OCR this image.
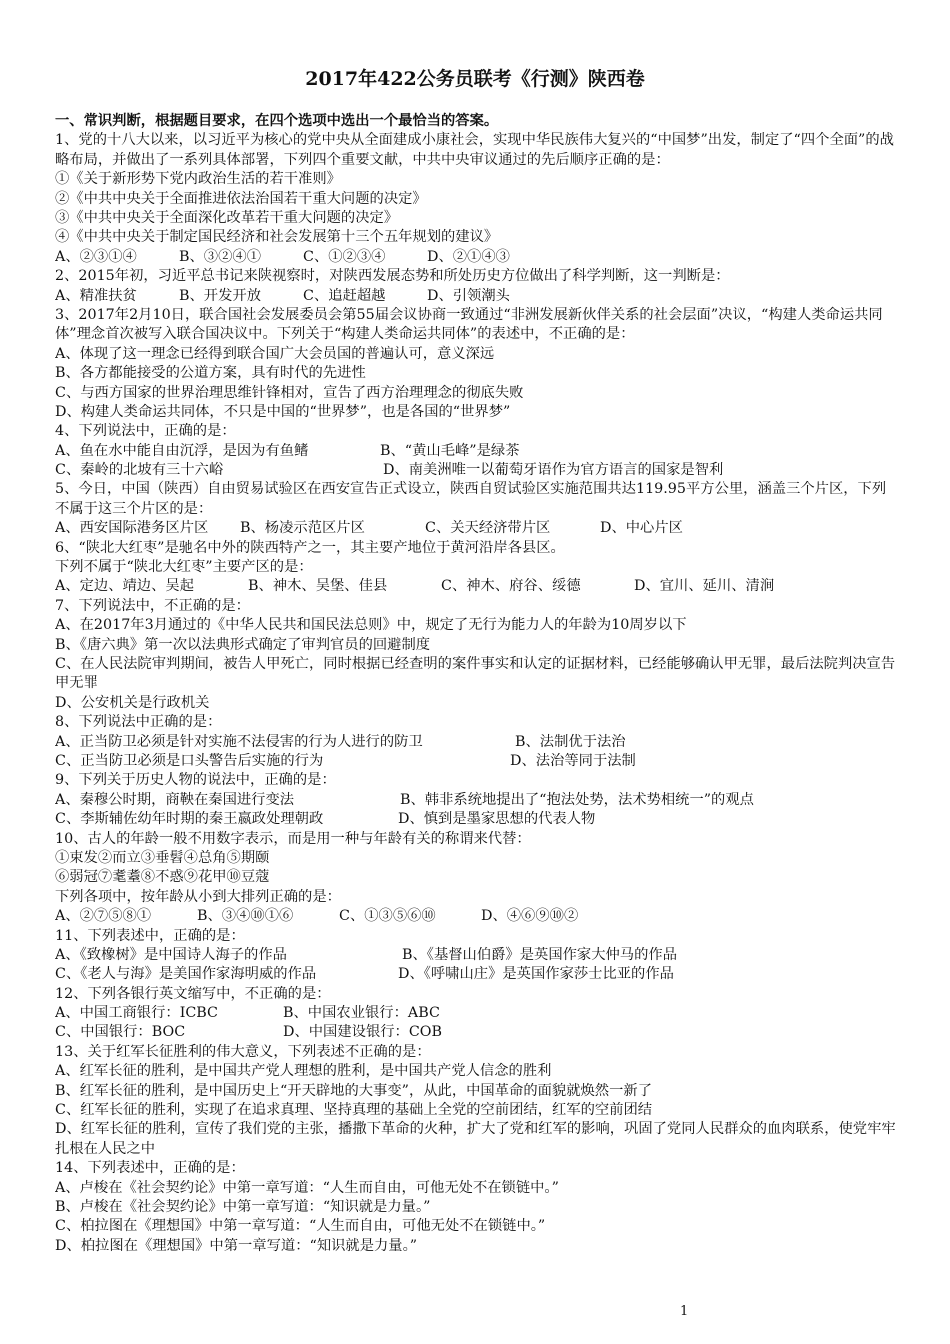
2017年422公务员联考《行测》陕西卷
一、常识判断，根据题目要求，在四个选项中选出一个最恰当的答案。
1、党的十八大以来，以习近平为核心的党中央从全面建成小康社会，实现中华民族伟大复兴的“中国梦”出发，制定了“四个全面”的战略布局，并做出了一系列具体部署，下列四个重要文献，中共中央审议通过的先后顺序正确的是：
①《关于新形势下党内政治生活的若干准则》
②《中共中央关于全面推进依法治国若干重大问题的决定》
③《中共中央关于全面深化改革若干重大问题的决定》
④《中共中央关于制定国民经济和社会发展第十三个五年规划的建议》
A、②③①④	B、③②④①	C、①②③④	D、②①④③
2、2015年初，习近平总书记来陕视察时，对陕西发展态势和所处历史方位做出了科学判断，这一判断是：
A、精准扶贫	B、开发开放	C、追赶超越	D、引领潮头
3、2017年2月10日，联合国社会发展委员会第55届会议协商一致通过“非洲发展新伙伴关系的社会层面”决议，“构建人类命运共同体”理念首次被写入联合国决议中。下列关于“构建人类命运共同体”的表述中，不正确的是：
A、体现了这一理念已经得到联合国广大会员国的普遍认可，意义深远
B、各方都能接受的公道方案，具有时代的先进性
C、与西方国家的世界治理思维针锋相对，宣告了西方治理理念的彻底失败
D、构建人类命运共同体，不只是中国的“世界梦”，也是各国的“世界梦”
4、下列说法中，正确的是：
A、鱼在水中能自由沉浮，是因为有鱼鳍	B、“黄山毛峰”是绿茶
C、秦岭的北坡有三十六峪	D、南美洲唯一以葡萄牙语作为官方语言的国家是智利
5、今日，中国（陕西）自由贸易试验区在西安宣告正式设立，陕西自贸试验区实施范围共达119.95平方公里，涵盖三个片区，下列不属于这三个片区的是：
A、西安国际港务区片区 B、杨凌示范区片区	C、关天经济带片区	D、中心片区
6、“陕北大红枣”是驰名中外的陕西特产之一，其主要产地位于黄河沿岸各县区。
下列不属于“陕北大红枣”主要产区的是：
A、定边、靖边、吴起	B、神木、吴堡、佳县	C、神木、府谷、绥德	D、宜川、延川、清涧
7、下列说法中，不正确的是：
A、在2017年3月通过的《中华人民共和国民法总则》中，规定了无行为能力人的年龄为10周岁以下
B、《唐六典》第一次以法典形式确定了审判官员的回避制度
C、在人民法院审判期间，被告人甲死亡，同时根据已经查明的案件事实和认定的证据材料，已经能够确认甲无罪，最后法院判决宣告甲无罪
D、公安机关是行政机关
8、下列说法中正确的是：
A、正当防卫必须是针对实施不法侵害的行为人进行的防卫	B、法制优于法治
C、正当防卫必须是口头警告后实施的行为	D、法治等同于法制
9、下列关于历史人物的说法中，正确的是：
A、秦穆公时期，商鞅在秦国进行变法	B、韩非系统地提出了“抱法处势，法术势相统一”的观点
C、李斯辅佐幼年时期的秦王嬴政处理朝政	D、慎到是墨家思想的代表人物
10、古人的年龄一般不用数字表示，而是用一种与年龄有关的称谓来代替：
①束发②而立③垂髫④总角⑤期颐
⑥弱冠⑦耄耋⑧不惑⑨花甲⑩豆蔻
下列各项中，按年龄从小到大排列正确的是：
A、②⑦⑤⑧①	B、③④⑩①⑥	C、①③⑤⑥⑩	D、④⑥⑨⑩②
11、下列表述中，正确的是：
A、《致橡树》是中国诗人海子的作品	B、《基督山伯爵》是英国作家大仲马的作品
C、《老人与海》是美国作家海明威的作品	D、《呼啸山庄》是英国作家莎士比亚的作品
12、下列各银行英文缩写中，不正确的是：
A、中国工商银行：ICBC	B、中国农业银行：ABC
C、中国银行：BOC	D、中国建设银行：COB
13、关于红军长征胜利的伟大意义，下列表述不正确的是：
A、红军长征的胜利，是中国共产党人理想的胜利，是中国共产党人信念的胜利
B、红军长征的胜利，是中国历史上“开天辟地的大事变”，从此，中国革命的面貌就焕然一新了
C、红军长征的胜利，实现了在追求真理、坚持真理的基础上全党的空前团结，红军的空前团结
D、红军长征的胜利，宣传了我们党的主张，播撒下革命的火种，扩大了党和红军的影响，巩固了党同人民群众的血肉联系，使党牢牢扎根在人民之中
14、下列表述中，正确的是：
A、卢梭在《社会契约论》中第一章写道：“人生而自由，可他无处不在锁链中。”
B、卢梭在《社会契约论》中第一章写道：“知识就是力量。”
C、柏拉图在《理想国》中第一章写道：“人生而自由，可他无处不在锁链中。”
D、柏拉图在《理想国》中第一章写道：“知识就是力量。”
1
